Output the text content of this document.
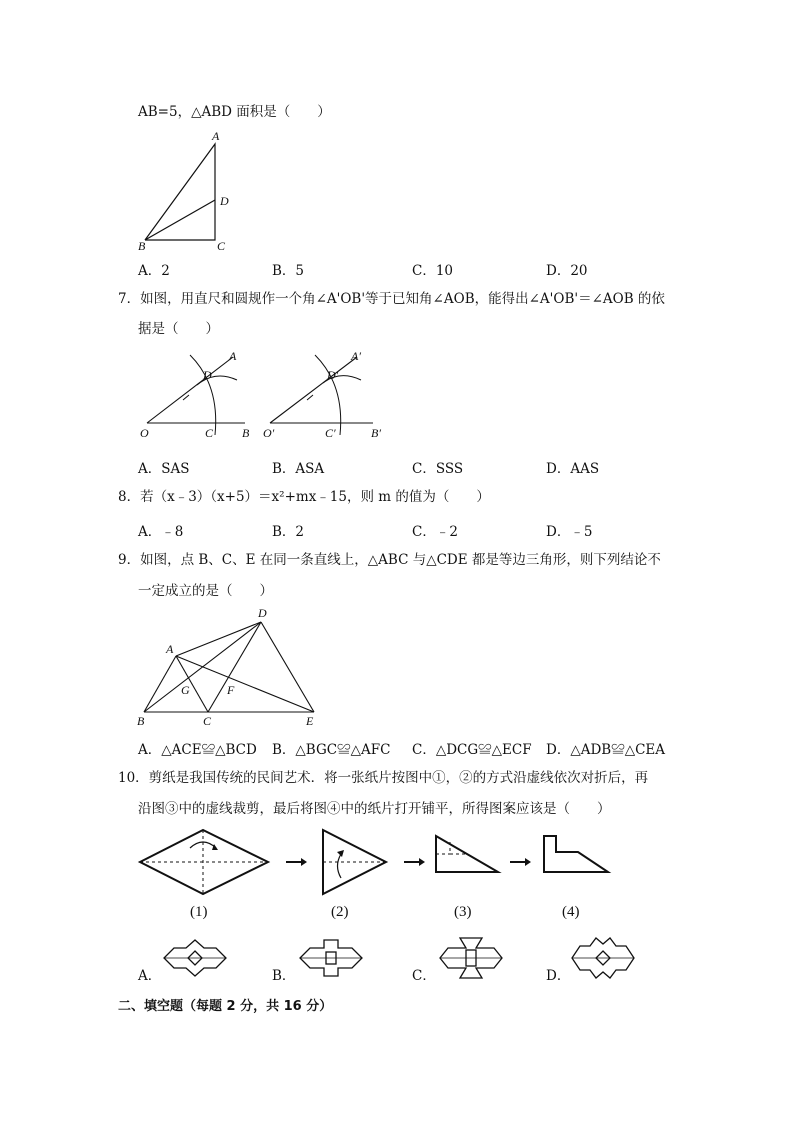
AB=5，△ABD 面积是（　　）
A
D
B	C
A．2	B．5	C．10	D．20
7．如图，用直尺和圆规作一个角∠A'OB'等于已知角∠AOB，能得出∠A'OB'＝∠AOB 的依
据是（　　）
A
D
O	C B
A′
D′
O′	C′	B′
A．SAS	B．ASA	C．SSS	D．AAS
8．若（x﹣3）（x+5）＝x²+mx﹣15，则 m 的值为（　　）
A．﹣8	B．2	C．﹣2	D．﹣5
9．如图，点 B、C、E 在同一条直线上，△ABC 与△CDE 都是等边三角形，则下列结论不
一定成立的是（　　）
D
A
G	F
B	C	E
A．△ACE≌△BCD B．△BGC≌△AFC C．△DCG≌△ECF D．△ADB≌△CEA
10．剪纸是我国传统的民间艺术．将一张纸片按图中①，②的方式沿虚线依次对折后，再
沿图③中的虚线裁剪，最后将图④中的纸片打开铺平，所得图案应该是（　　）
(1)	(2)	(3)	(4)
A．	B．	C．	D．
二、填空题（每题 2 分，共 16 分）
